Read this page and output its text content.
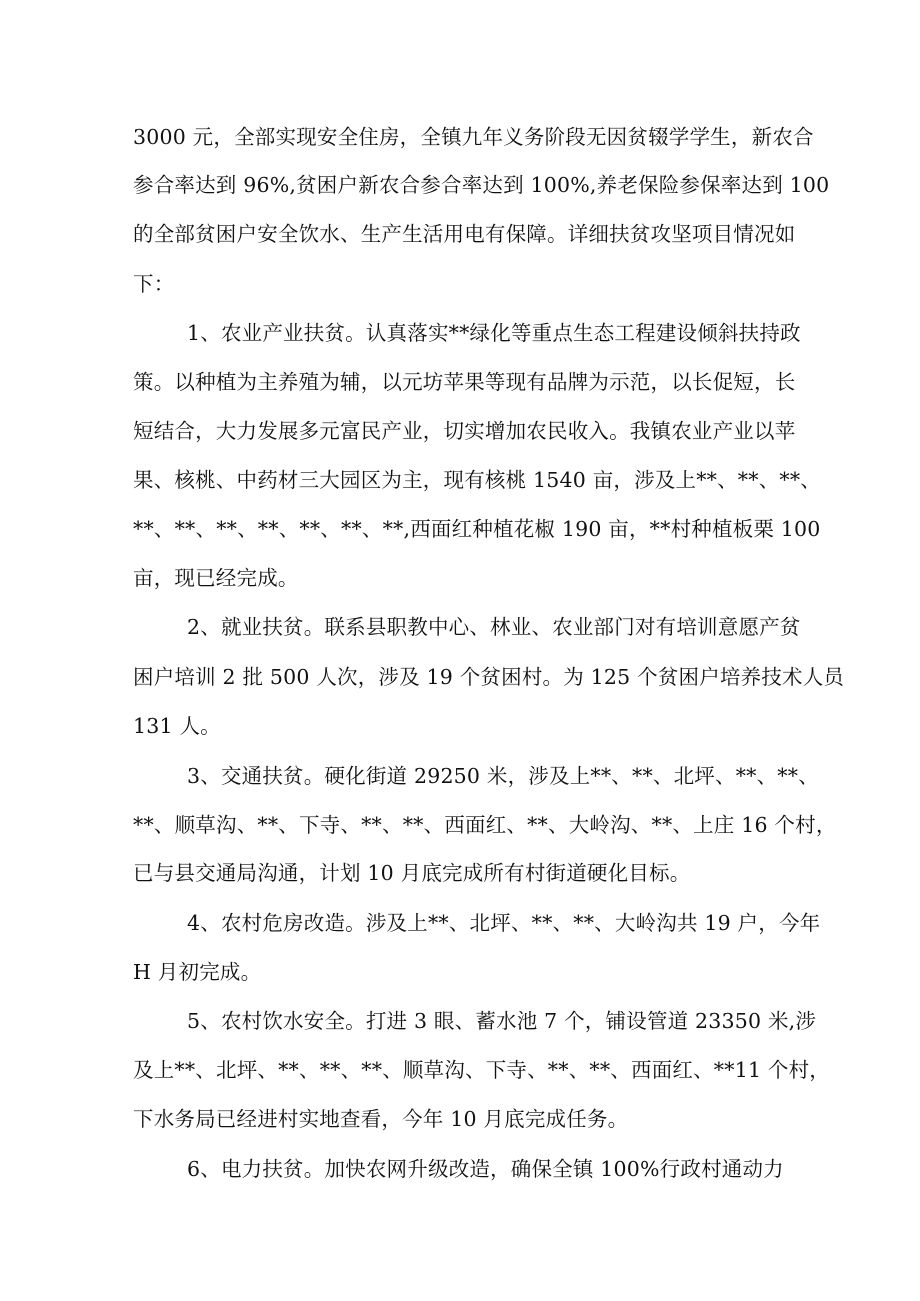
3000 元，全部实现安全住房，全镇九年义务阶段无因贫辍学学生，新农合
参合率达到 96%,贫困户新农合参合率达到 100%,养老保险参保率达到 100
的全部贫困户安全饮水、生产生活用电有保障。详细扶贫攻坚项目情况如
下：
1、农业产业扶贫。认真落实**绿化等重点生态工程建设倾斜扶持政
策。以种植为主养殖为辅，以元坊苹果等现有品牌为示范，以长促短，长
短结合，大力发展多元富民产业，切实增加农民收入。我镇农业产业以苹
果、核桃、中药材三大园区为主，现有核桃 1540 亩，涉及上**、**、**、
**、**、**、**、**、**、**,西面红种植花椒 190 亩，**村种植板栗 100
亩，现已经完成。
2、就业扶贫。联系县职教中心、林业、农业部门对有培训意愿产贫
困户培训 2 批 500 人次，涉及 19 个贫困村。为 125 个贫困户培养技术人员
131 人。
3、交通扶贫。硬化街道 29250 米，涉及上**、**、北坪、**、**、
**、顺草沟、**、下寺、**、**、西面红、**、大岭沟、**、上庄 16 个村，
已与县交通局沟通，计划 10 月底完成所有村街道硬化目标。
4、农村危房改造。涉及上**、北坪、**、**、大岭沟共 19 户，今年
H 月初完成。
5、农村饮水安全。打进 3 眼、蓄水池 7 个，铺设管道 23350 米,涉
及上**、北坪、**、**、**、顺草沟、下寺、**、**、西面红、**11 个村，
下水务局已经进村实地查看，今年 10 月底完成任务。
6、电力扶贫。加快农网升级改造，确保全镇 100%行政村通动力
